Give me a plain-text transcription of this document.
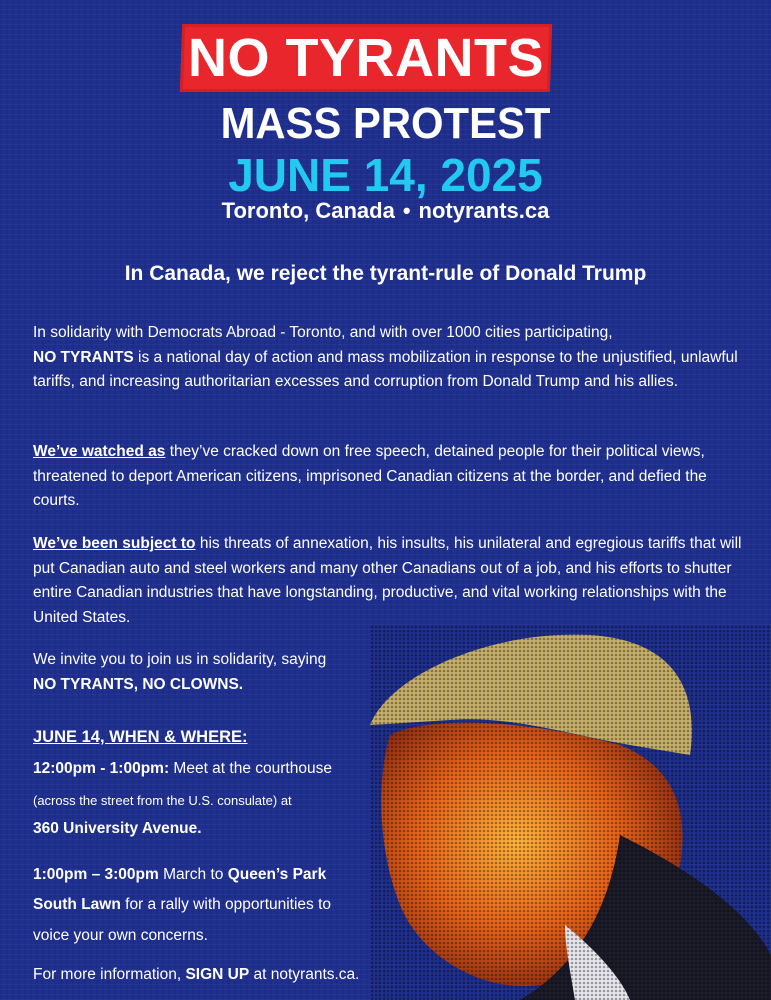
NO TYRANTS
MASS PROTEST
JUNE 14, 2025
Toronto, Canada • notyrants.ca
In Canada, we reject the tyrant-rule of Donald Trump
In solidarity with Democrats Abroad - Toronto, and with over 1000 cities participating,
NO TYRANTS is a national day of action and mass mobilization in response to the unjustified, unlawful tariffs, and increasing authoritarian excesses and corruption from Donald Trump and his allies.
We’ve watched as they’ve cracked down on free speech, detained people for their political views, threatened to deport American citizens, imprisoned Canadian citizens at the border, and defied the courts.
We’ve been subject to his threats of annexation, his insults, his unilateral and egregious tariffs that will put Canadian auto and steel workers and many other Canadians out of a job, and his efforts to shutter entire Canadian industries that have longstanding, productive, and vital working relationships with the United States.
We invite you to join us in solidarity, saying
NO TYRANTS, NO CLOWNS.
JUNE 14, WHEN & WHERE:
12:00pm - 1:00pm: Meet at the courthouse
(across the street from the U.S. consulate) at
360 University Avenue.
1:00pm – 3:00pm March to Queen’s Park
South Lawn for a rally with opportunities to
voice your own concerns.
For more information, SIGN UP at notyrants.ca.
